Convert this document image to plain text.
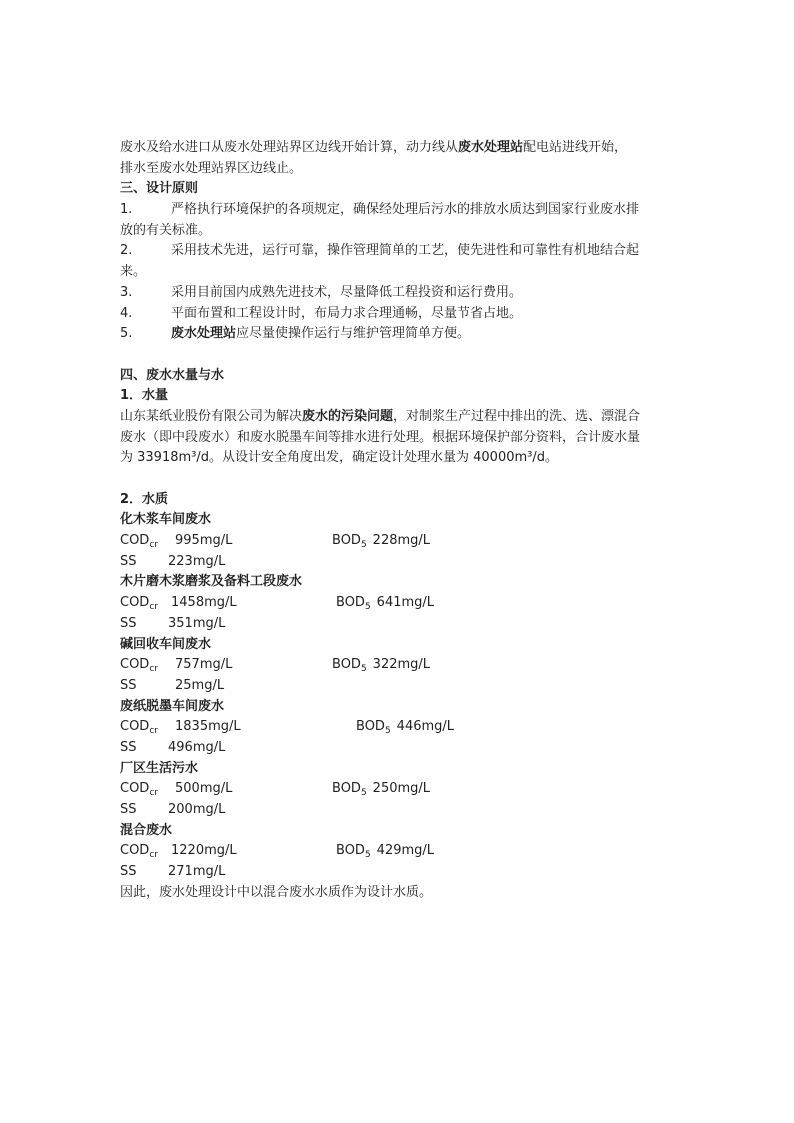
废水及给水进口从废水处理站界区边线开始计算，动力线从废水处理站配电站进线开始，
排水至废水处理站界区边线止。
三、设计原则
1.	严格执行环境保护的各项规定，确保经处理后污水的排放水质达到国家行业废水排
放的有关标准。
2.	采用技术先进，运行可靠，操作管理简单的工艺，使先进性和可靠性有机地结合起
来。
3.	采用目前国内成熟先进技术，尽量降低工程投资和运行费用。
4.	平面布置和工程设计时，布局力求合理通畅，尽量节省占地。
5.	废水处理站应尽量使操作运行与维护管理简单方便。
四、废水水量与水
1．水量
山东某纸业股份有限公司为解决废水的污染问题，对制浆生产过程中排出的洗、选、漂混合
废水（即中段废水）和废水脱墨车间等排水进行处理。根据环境保护部分资料，合计废水量
为 33918m³/d。从设计安全角度出发，确定设计处理水量为 40000m³/d。
2．水质
化木浆车间废水
$COD_{cr}$ 995mg/L	$BOD_5$ 228mg/L
SS 223mg/L
木片磨木浆磨浆及备料工段废水
$COD_{cr}$ 1458mg/L	$BOD_5$ 641mg/L
SS 351mg/L
碱回收车间废水
$COD_{cr}$ 757mg/L	$BOD_5$ 322mg/L
SS	25mg/L
废纸脱墨车间废水
$COD_{cr}$ 1835mg/L	$BOD_5$ 446mg/L
SS 496mg/L
厂区生活污水
$COD_{cr}$ 500mg/L	$BOD_5$ 250mg/L
SS 200mg/L
混合废水
$COD_{cr}$ 1220mg/L	$BOD_5$ 429mg/L
SS 271mg/L
因此，废水处理设计中以混合废水水质作为设计水质。
